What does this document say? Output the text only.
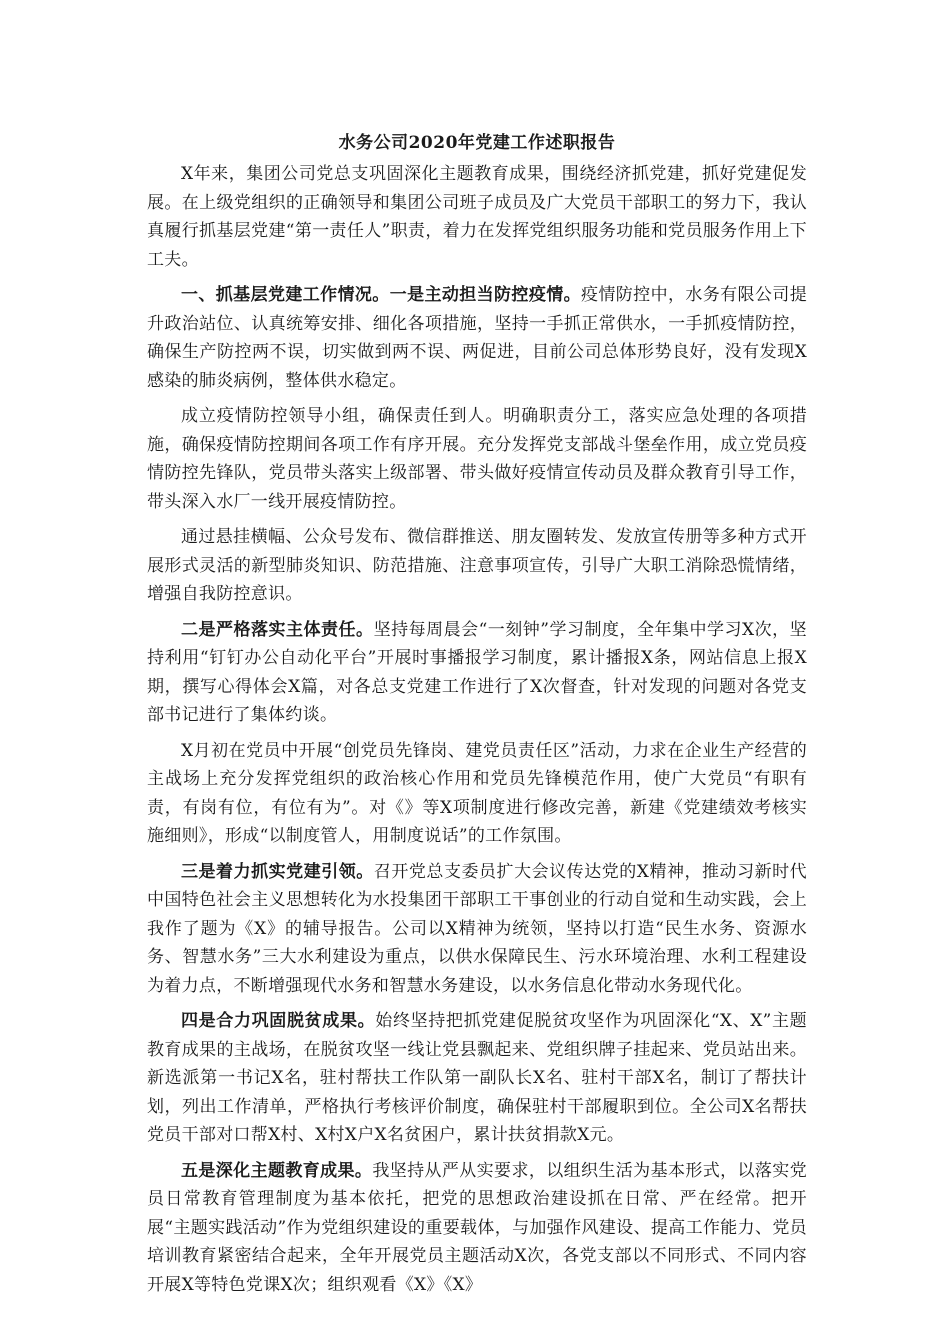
水务公司2020年党建工作述职报告

X年来，集团公司党总支巩固深化主题教育成果，围绕经济抓党建，抓好党建促发展。在上级党组织的正确领导和集团公司班子成员及广大党员干部职工的努力下，我认真履行抓基层党建“第一责任人”职责，着力在发挥党组织服务功能和党员服务作用上下工夫。

一、抓基层党建工作情况。一是主动担当防控疫情。疫情防控中，水务有限公司提升政治站位、认真统筹安排、细化各项措施，坚持一手抓正常供水，一手抓疫情防控，确保生产防控两不误，切实做到两不误、两促进，目前公司总体形势良好，没有发现X感染的肺炎病例，整体供水稳定。

成立疫情防控领导小组，确保责任到人。明确职责分工，落实应急处理的各项措施，确保疫情防控期间各项工作有序开展。充分发挥党支部战斗堡垒作用，成立党员疫情防控先锋队，党员带头落实上级部署、带头做好疫情宣传动员及群众教育引导工作，带头深入水厂一线开展疫情防控。

通过悬挂横幅、公众号发布、微信群推送、朋友圈转发、发放宣传册等多种方式开展形式灵活的新型肺炎知识、防范措施、注意事项宣传，引导广大职工消除恐慌情绪，增强自我防控意识。

二是严格落实主体责任。坚持每周晨会“一刻钟”学习制度，全年集中学习X次，坚持利用“钉钉办公自动化平台”开展时事播报学习制度，累计播报X条，网站信息上报X期，撰写心得体会X篇，对各总支党建工作进行了X次督查，针对发现的问题对各党支部书记进行了集体约谈。

X月初在党员中开展“创党员先锋岗、建党员责任区”活动，力求在企业生产经营的主战场上充分发挥党组织的政治核心作用和党员先锋模范作用，使广大党员“有职有责，有岗有位，有位有为”。对《》等X项制度进行修改完善，新建《党建绩效考核实施细则》，形成“以制度管人，用制度说话”的工作氛围。

三是着力抓实党建引领。召开党总支委员扩大会议传达党的X精神，推动习新时代中国特色社会主义思想转化为水投集团干部职工干事创业的行动自觉和生动实践，会上我作了题为《X》的辅导报告。公司以X精神为统领，坚持以打造“民生水务、资源水务、智慧水务”三大水利建设为重点，以供水保障民生、污水环境治理、水利工程建设为着力点，不断增强现代水务和智慧水务建设，以水务信息化带动水务现代化。

四是合力巩固脱贫成果。始终坚持把抓党建促脱贫攻坚作为巩固深化“X、X”主题教育成果的主战场，在脱贫攻坚一线让党县飘起来、党组织牌子挂起来、党员站出来。新选派第一书记X名，驻村帮扶工作队第一副队长X名、驻村干部X名，制订了帮扶计划，列出工作清单，严格执行考核评价制度，确保驻村干部履职到位。全公司X名帮扶党员干部对口帮X村、X村X户X名贫困户，累计扶贫捐款X元。

五是深化主题教育成果。我坚持从严从实要求，以组织生活为基本形式，以落实党员日常教育管理制度为基本依托，把党的思想政治建设抓在日常、严在经常。把开展“主题实践活动”作为党组织建设的重要载体，与加强作风建设、提高工作能力、党员培训教育紧密结合起来，全年开展党员主题活动X次，各党支部以不同形式、不同内容开展X等特色党课X次；组织观看《X》《X》
